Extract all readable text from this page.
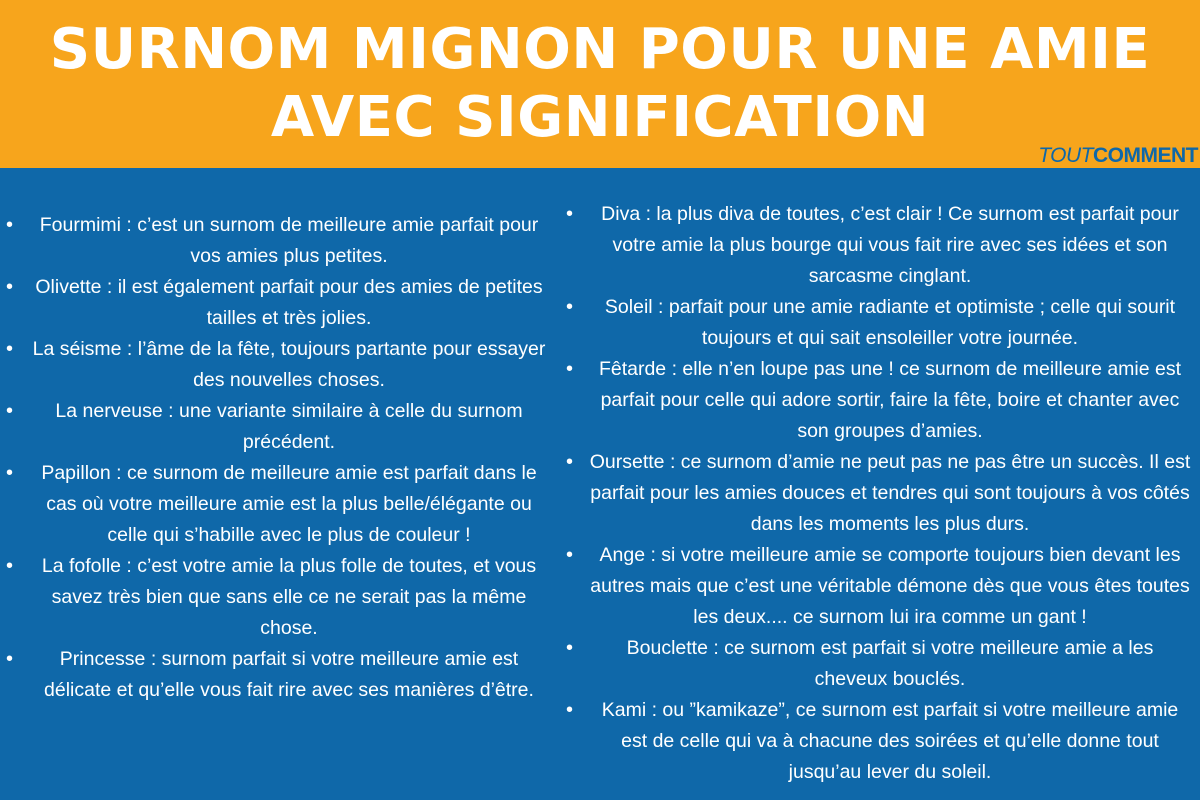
SURNOM MIGNON POUR UNE AMIE
AVEC SIGNIFICATION
TOUTCOMMENT
• Fourmimi : c’est un surnom de meilleure amie parfait pour vos amies plus petites.
• Olivette : il est également parfait pour des amies de petites tailles et très jolies.
• La séisme : l’âme de la fête, toujours partante pour essayer des nouvelles choses.
• La nerveuse : une variante similaire à celle du surnom précédent.
• Papillon : ce surnom de meilleure amie est parfait dans le cas où votre meilleure amie est la plus belle/élégante ou celle qui s’habille avec le plus de couleur !
• La fofolle : c’est votre amie la plus folle de toutes, et vous savez très bien que sans elle ce ne serait pas la même chose.
• Princesse : surnom parfait si votre meilleure amie est délicate et qu’elle vous fait rire avec ses manières d’être.
• Diva : la plus diva de toutes, c’est clair ! Ce surnom est parfait pour votre amie la plus bourge qui vous fait rire avec ses idées et son sarcasme cinglant.
• Soleil : parfait pour une amie radiante et optimiste ; celle qui sourit toujours et qui sait ensoleiller votre journée.
• Fêtarde : elle n’en loupe pas une ! ce surnom de meilleure amie est parfait pour celle qui adore sortir, faire la fête, boire et chanter avec son groupes d’amies.
• Oursette : ce surnom d’amie ne peut pas ne pas être un succès. Il est parfait pour les amies douces et tendres qui sont toujours à vos côtés dans les moments les plus durs.
• Ange : si votre meilleure amie se comporte toujours bien devant les autres mais que c’est une véritable démone dès que vous êtes toutes les deux.... ce surnom lui ira comme un gant !
•	Bouclette : ce surnom est parfait si votre meilleure amie a les cheveux bouclés.
• Kami : ou ”kamikaze”, ce surnom est parfait si votre meilleure amie est de celle qui va à chacune des soirées et qu’elle donne tout jusqu’au lever du soleil.
